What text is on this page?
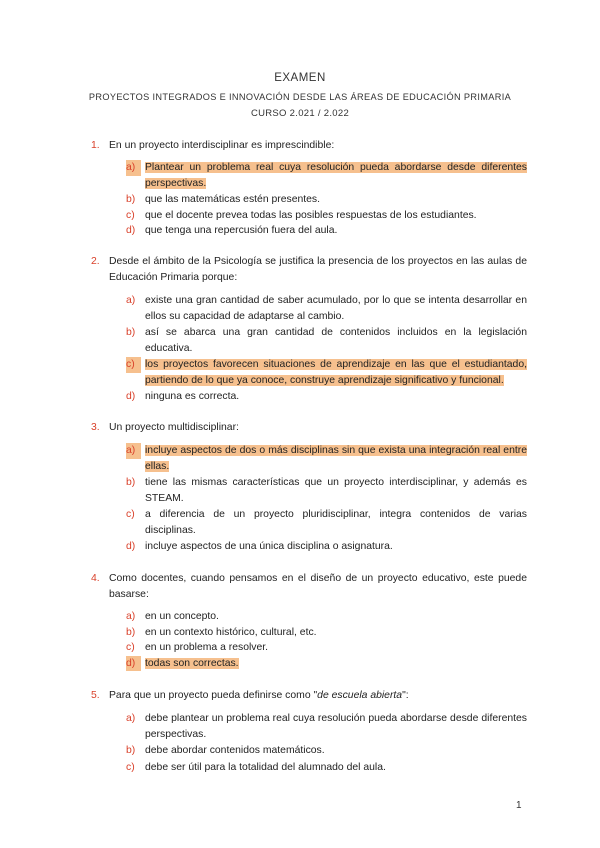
EXAMEN
PROYECTOS INTEGRADOS E INNOVACIÓN DESDE LAS ÁREAS DE EDUCACIÓN PRIMARIA
CURSO 2.021 / 2.022
1. En un proyecto interdisciplinar es imprescindible:
a) Plantear un problema real cuya resolución pueda abordarse desde diferentes perspectivas.
b) que las matemáticas estén presentes.
c) que el docente prevea todas las posibles respuestas de los estudiantes.
d) que tenga una repercusión fuera del aula.
2. Desde el ámbito de la Psicología se justifica la presencia de los proyectos en las aulas de Educación Primaria porque:
a) existe una gran cantidad de saber acumulado, por lo que se intenta desarrollar en ellos su capacidad de adaptarse al cambio.
b) así se abarca una gran cantidad de contenidos incluidos en la legislación educativa.
c) los proyectos favorecen situaciones de aprendizaje en las que el estudiantado, partiendo de lo que ya conoce, construye aprendizaje significativo y funcional.
d) ninguna es correcta.
3. Un proyecto multidisciplinar:
a) incluye aspectos de dos o más disciplinas sin que exista una integración real entre ellas.
b) tiene las mismas características que un proyecto interdisciplinar, y además es STEAM.
c) a diferencia de un proyecto pluridisciplinar, integra contenidos de varias disciplinas.
d) incluye aspectos de una única disciplina o asignatura.
4. Como docentes, cuando pensamos en el diseño de un proyecto educativo, este puede basarse:
a) en un concepto.
b) en un contexto histórico, cultural, etc.
c) en un problema a resolver.
d) todas son correctas.
5. Para que un proyecto pueda definirse como "de escuela abierta":
a) debe plantear un problema real cuya resolución pueda abordarse desde diferentes perspectivas.
b) debe abordar contenidos matemáticos.
c) debe ser útil para la totalidad del alumnado del aula.
1
